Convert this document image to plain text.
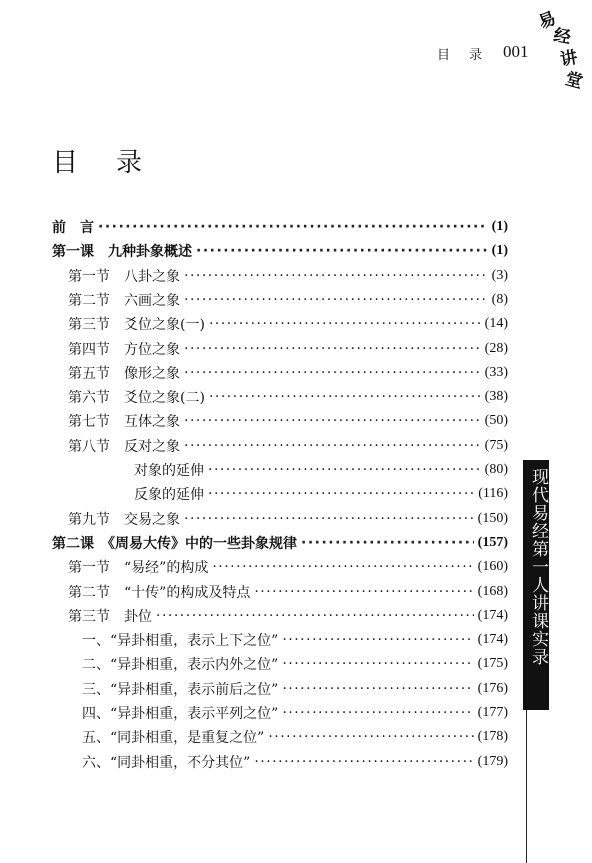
目 录 001
易
经
讲
堂
目 录
前　言 ·····	(1)
第一课　九种卦象概述 ·····	(1)
第一节　八卦之象 ·····	(3)
第二节　六画之象 ·····	(8)
第三节　爻位之象(一) ·····	(14)
第四节　方位之象 ·····	(28)
第五节　像形之象 ·····	(33)
第六节　爻位之象(二) ·····	(38)
第七节　互体之象 ·····	(50)
第八节　反对之象 ·····	(75)
对象的延伸 ·····	(80)
反象的延伸 ·····	(116)
第九节　交易之象 ·····	(150)
第二课　《周易大传》中的一些卦象规律 ·····	(157)
第一节　“易经”的构成 ·····	(160)
第二节　“十传”的构成及特点 ·····	(168)
第三节　卦位 ·····	(174)
一、“异卦相重，表示上下之位” ·····	(174)
二、“异卦相重，表示内外之位” ·····	(175)
三、“异卦相重，表示前后之位” ·····	(176)
四、“异卦相重，表示平列之位” ·····	(177)
五、“同卦相重，是重复之位” ·····	(178)
六、“同卦相重，不分其位” ·····	(179)
现代易经第一人讲课实录
